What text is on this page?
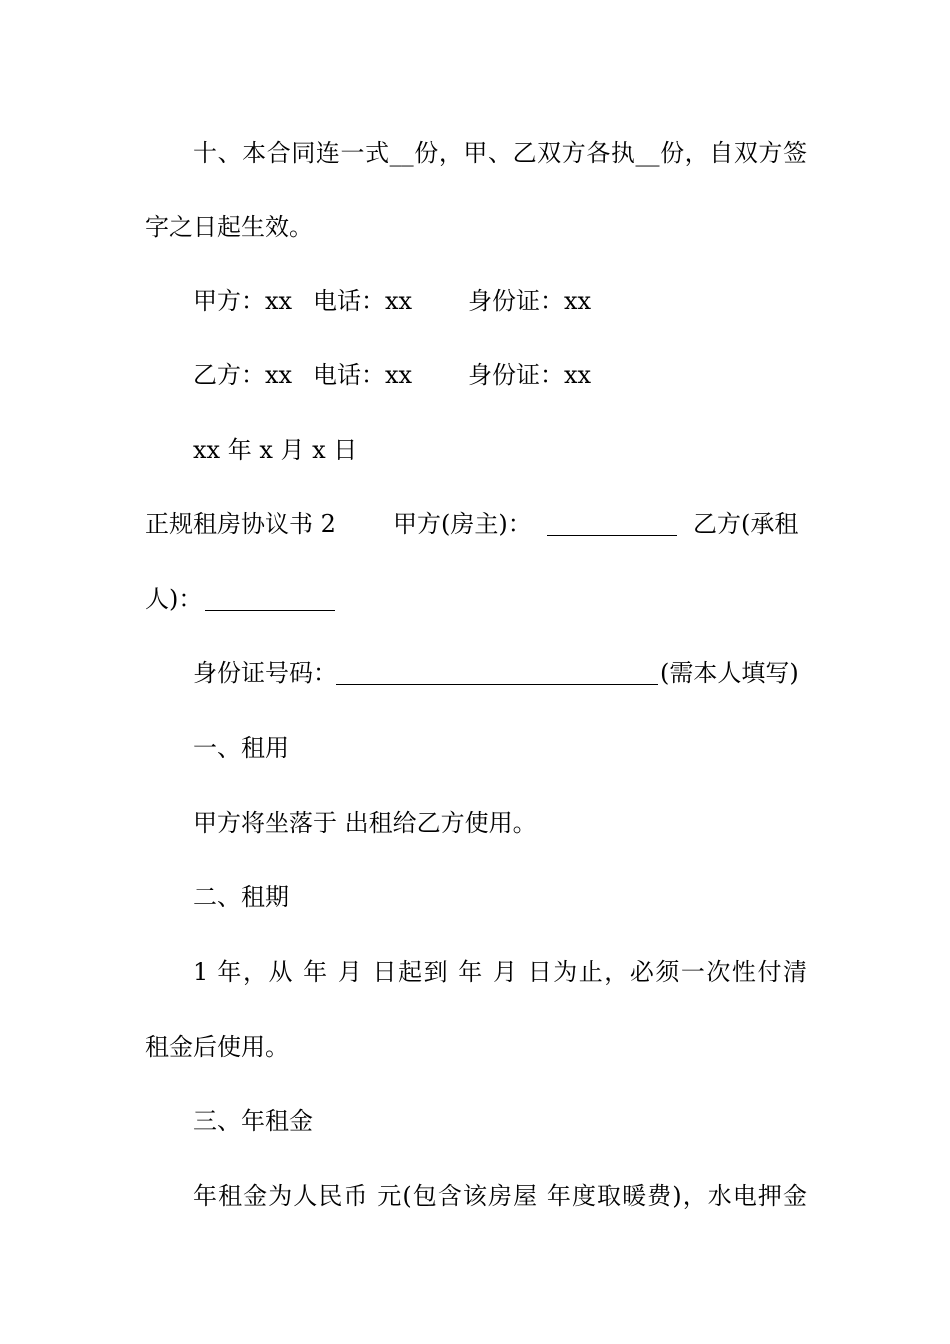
十、本合同连一式__份，甲、乙双方各执__份，自双方签
字之日起生效。
甲方：xx 电话：xx 身份证：xx
乙方：xx 电话：xx 身份证：xx
xx 年 x 月 x 日
正规租房协议书 2 甲方(房主)：	乙方(承租
人)：
身份证号码：	(需本人填写)
一、租用
甲方将坐落于 出租给乙方使用。
二、租期
1 年，从 年 月 日起到 年 月 日为止，必须一次性付清
租金后使用。
三、年租金
年租金为人民币 元(包含该房屋 年度取暖费)，水电押金
